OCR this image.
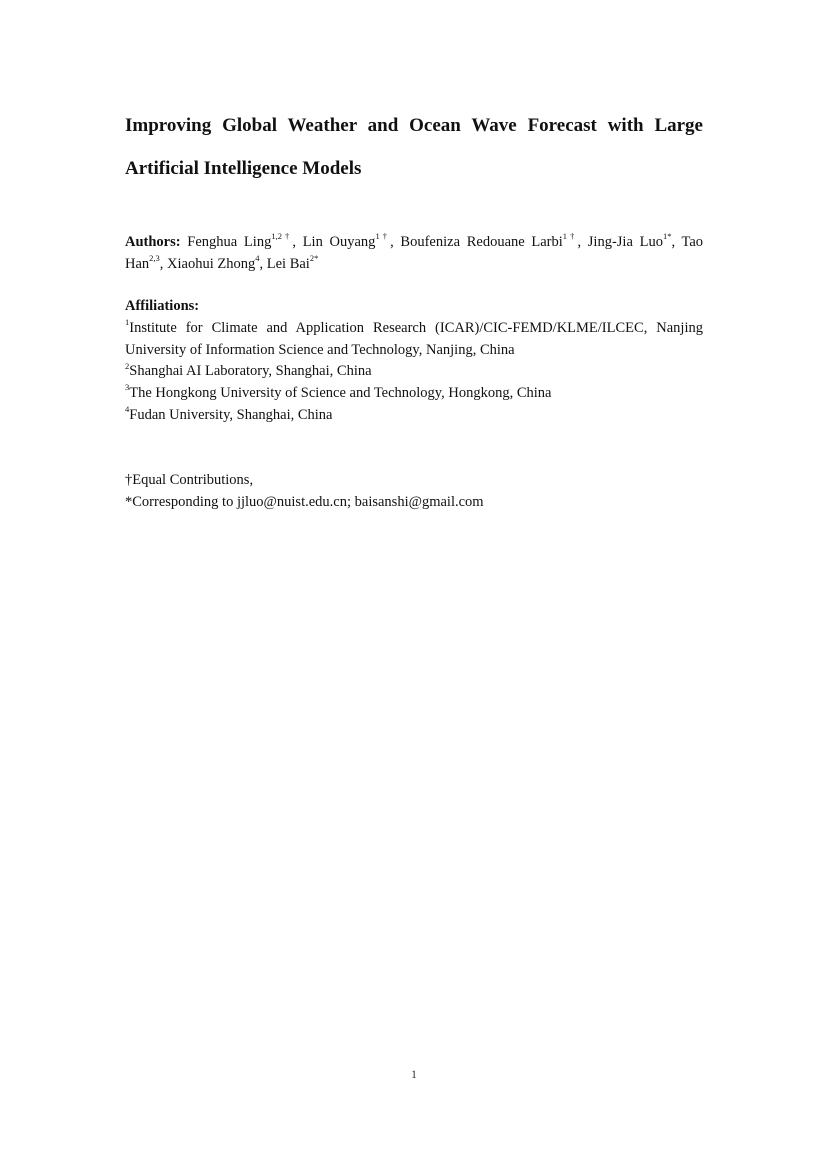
Improving Global Weather and Ocean Wave Forecast with Large
Artificial Intelligence Models
Authors: Fenghua Ling$^{1,2\dagger}$, Lin Ouyang$^{1\dagger}$, Boufeniza Redouane Larbi$^{1\dagger}$, Jing-Jia Luo$^{1*}$, Tao
Han$^{2,3}$, Xiaohui Zhong$^4$, Lei Bai$^{2*}$
Affiliations:
$^1$Institute for Climate and Application Research (ICAR)/CIC-FEMD/KLME/ILCEC, Nanjing
University of Information Science and Technology, Nanjing, China
$^2$Shanghai AI Laboratory, Shanghai, China
$^3$The Hongkong University of Science and Technology, Hongkong, China
$^4$Fudan University, Shanghai, China
†Equal Contributions,
*Corresponding to jjluo@nuist.edu.cn; baisanshi@gmail.com
1
